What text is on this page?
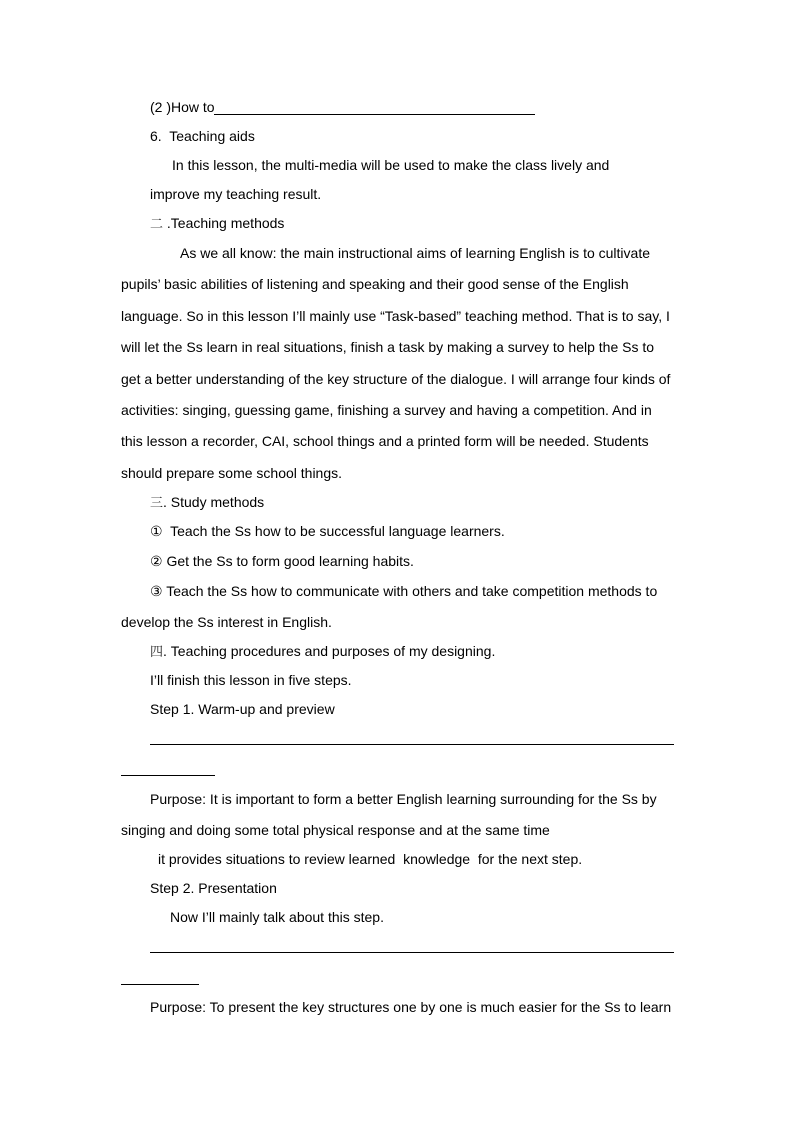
(2 )How to
6.  Teaching aids
In this lesson, the multi-media will be used to make the class lively and
improve my teaching result.
二 .Teaching methods
As we all know: the main instructional aims of learning English is to cultivate
pupils’ basic abilities of listening and speaking and their good sense of the English
language. So in this lesson I’ll mainly use “Task-based” teaching method. That is to say, I
will let the Ss learn in real situations, finish a task by making a survey to help the Ss to
get a better understanding of the key structure of the dialogue. I will arrange four kinds of
activities: singing, guessing game, finishing a survey and having a competition. And in
this lesson a recorder, CAI, school things and a printed form will be needed. Students
should prepare some school things.
三. Study methods
①  Teach the Ss how to be successful language learners.
② Get the Ss to form good learning habits.
③ Teach the Ss how to communicate with others and take competition methods to
develop the Ss interest in English.
四. Teaching procedures and purposes of my designing.
I’ll finish this lesson in five steps.
Step 1. Warm-up and preview
Purpose: It is important to form a better English learning surrounding for the Ss by
singing and doing some total physical response and at the same time
it provides situations to review learned  knowledge  for the next step.
Step 2. Presentation
Now I’ll mainly talk about this step.
Purpose: To present the key structures one by one is much easier for the Ss to learn
